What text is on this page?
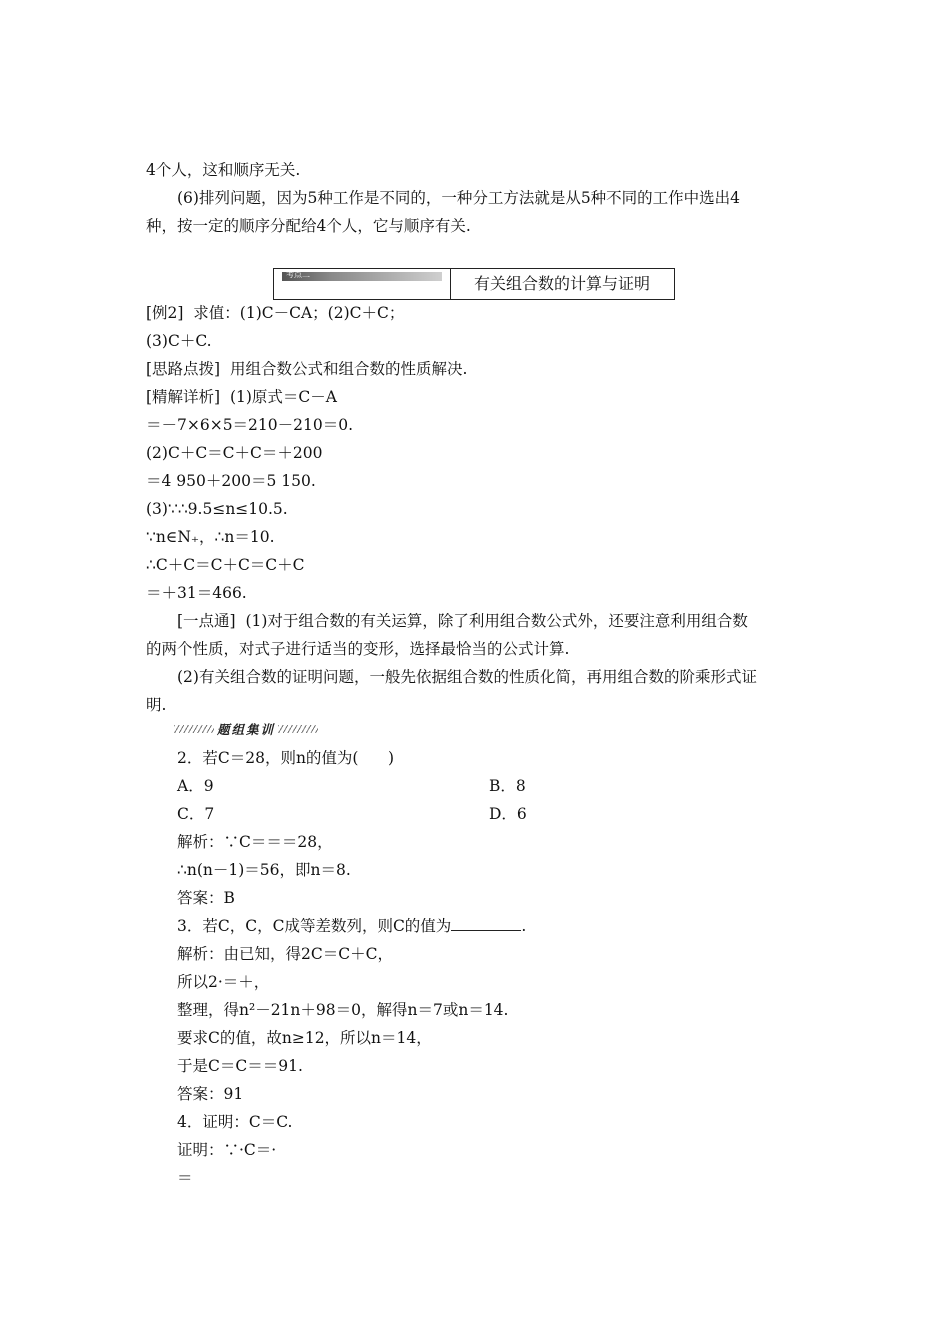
4个人，这和顺序无关.
(6)排列问题，因为5种工作是不同的，一种分工方法就是从5种不同的工作中选出4
种，按一定的顺序分配给4个人，它与顺序有关.
考点二	有关组合数的计算与证明
[例2]  求值：(1)C－CA；(2)C＋C；
(3)C＋C.
[思路点拨]  用组合数公式和组合数的性质解决.
[精解详析]  (1)原式＝C－A
＝－7×6×5＝210－210＝0.
(2)C＋C＝C＋C＝＋200
＝4 950＋200＝5 150.
(3)∵∴9.5≤n≤10.5.
∵n∈N₊，∴n＝10.
∴C＋C＝C＋C＝C＋C
＝＋31＝466.
[一点通]  (1)对于组合数的有关运算，除了利用组合数公式外，还要注意利用组合数
的两个性质，对式子进行适当的变形，选择最恰当的公式计算.
(2)有关组合数的证明问题，一般先依据组合数的性质化简，再用组合数的阶乘形式证
明.
题组集训
2．若C＝28，则n的值为(      )
A．9	B．8
C．7	D．6
解析：∵C＝＝＝28，
∴n(n－1)＝56，即n＝8.
答案：B
3．若C，C，C成等差数列，则C的值为	.
解析：由已知，得2C＝C＋C，
所以2·＝＋，
整理，得n²－21n＋98＝0，解得n＝7或n＝14.
要求C的值，故n≥12，所以n＝14，
于是C＝C＝＝91.
答案：91
4．证明：C＝C.
证明：∵·C＝·
＝
